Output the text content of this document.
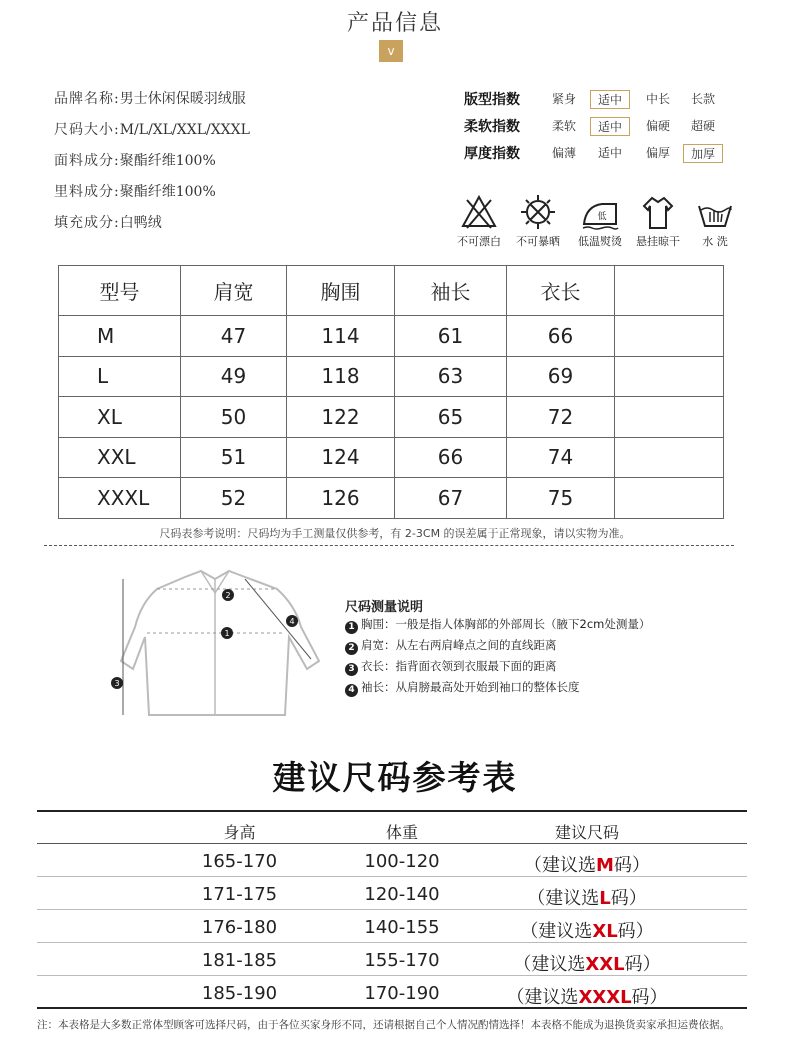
产品信息
v
品牌名称:男士休闲保暖羽绒服
尺码大小:M/L/XL/XXL/XXXL
面料成分:聚酯纤维100%
里料成分:聚酯纤维100%
填充成分:白鸭绒
版型指数	紧身	适中	中长	长款
柔软指数	柔软	适中	偏硬	超硬
厚度指数	偏薄	适中	偏厚	加厚
不可漂白	不可暴晒
低
低温熨烫	悬挂晾干	水 洗
型号	肩宽	胸围	袖长	衣长	
M	47	114	61	66	
L	49	118	63	69	
XL	50	122	65	72	
XXL	51	124	66	74	
XXXL	52	126	67	75	
尺码表参考说明：尺码均为手工测量仅供参考，有 2-3CM 的误差属于正常现象，请以实物为准。
1
2
3
4
尺码测量说明
1 胸围：一般是指人体胸部的外部周长（腋下2cm处测量）
2 肩宽：从左右两肩峰点之间的直线距离
3 衣长：指背面衣领到衣服最下面的距离
4 袖长：从肩膀最高处开始到袖口的整体长度
建议尺码参考表
身高	体重	建议尺码
165-170	100-120	（建议选M码）
171-175	120-140	（建议选L码）
176-180	140-155	（建议选XL码）
181-185	155-170	（建议选XXL码）
185-190	170-190	（建议选XXXL码）
注：本表格是大多数正常体型顾客可选择尺码，由于各位买家身形不同，还请根据自己个人情况酌情选择！本表格不能成为退换货卖家承担运费依据。
